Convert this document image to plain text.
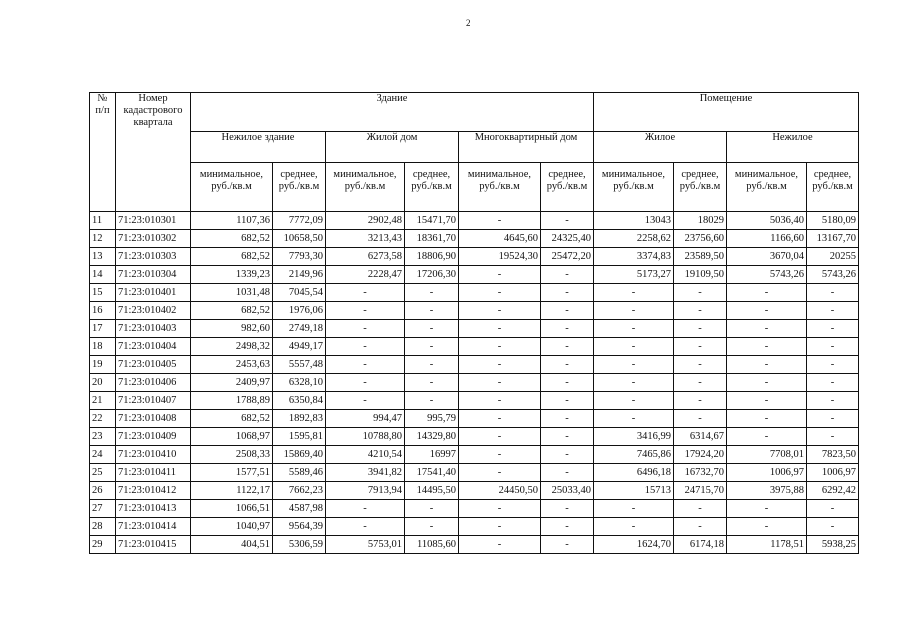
2
№ п/п	Номер кадастрового квартала	Здание						Помещение			
		Нежилое здание		Жилой дом		Многоквартирный дом		Жилое		Нежилое	
		минимальное, руб./кв.м	среднее, руб./кв.м	минимальное, руб./кв.м	среднее, руб./кв.м	минимальное, руб./кв.м	среднее, руб./кв.м	минимальное, руб./кв.м	среднее, руб./кв.м	минимальное, руб./кв.м	среднее, руб./кв.м
11	71:23:010301	1107,36	7772,09	2902,48	15471,70	-	-	13043	18029	5036,40	5180,09
12	71:23:010302	682,52	10658,50	3213,43	18361,70	4645,60	24325,40	2258,62	23756,60	1166,60	13167,70
13	71:23:010303	682,52	7793,30	6273,58	18806,90	19524,30	25472,20	3374,83	23589,50	3670,04	20255
14	71:23:010304	1339,23	2149,96	2228,47	17206,30	-	-	5173,27	19109,50	5743,26	5743,26
15	71:23:010401	1031,48	7045,54	-	-	-	-	-	-	-	-
16	71:23:010402	682,52	1976,06	-	-	-	-	-	-	-	-
17	71:23:010403	982,60	2749,18	-	-	-	-	-	-	-	-
18	71:23:010404	2498,32	4949,17	-	-	-	-	-	-	-	-
19	71:23:010405	2453,63	5557,48	-	-	-	-	-	-	-	-
20	71:23:010406	2409,97	6328,10	-	-	-	-	-	-	-	-
21	71:23:010407	1788,89	6350,84	-	-	-	-	-	-	-	-
22	71:23:010408	682,52	1892,83	994,47	995,79	-	-	-	-	-	-
23	71:23:010409	1068,97	1595,81	10788,80	14329,80	-	-	3416,99	6314,67	-	-
24	71:23:010410	2508,33	15869,40	4210,54	16997	-	-	7465,86	17924,20	7708,01	7823,50
25	71:23:010411	1577,51	5589,46	3941,82	17541,40	-	-	6496,18	16732,70	1006,97	1006,97
26	71:23:010412	1122,17	7662,23	7913,94	14495,50	24450,50	25033,40	15713	24715,70	3975,88	6292,42
27	71:23:010413	1066,51	4587,98	-	-	-	-	-	-	-	-
28	71:23:010414	1040,97	9564,39	-	-	-	-	-	-	-	-
29	71:23:010415	404,51	5306,59	5753,01	11085,60	-	-	1624,70	6174,18	1178,51	5938,25
